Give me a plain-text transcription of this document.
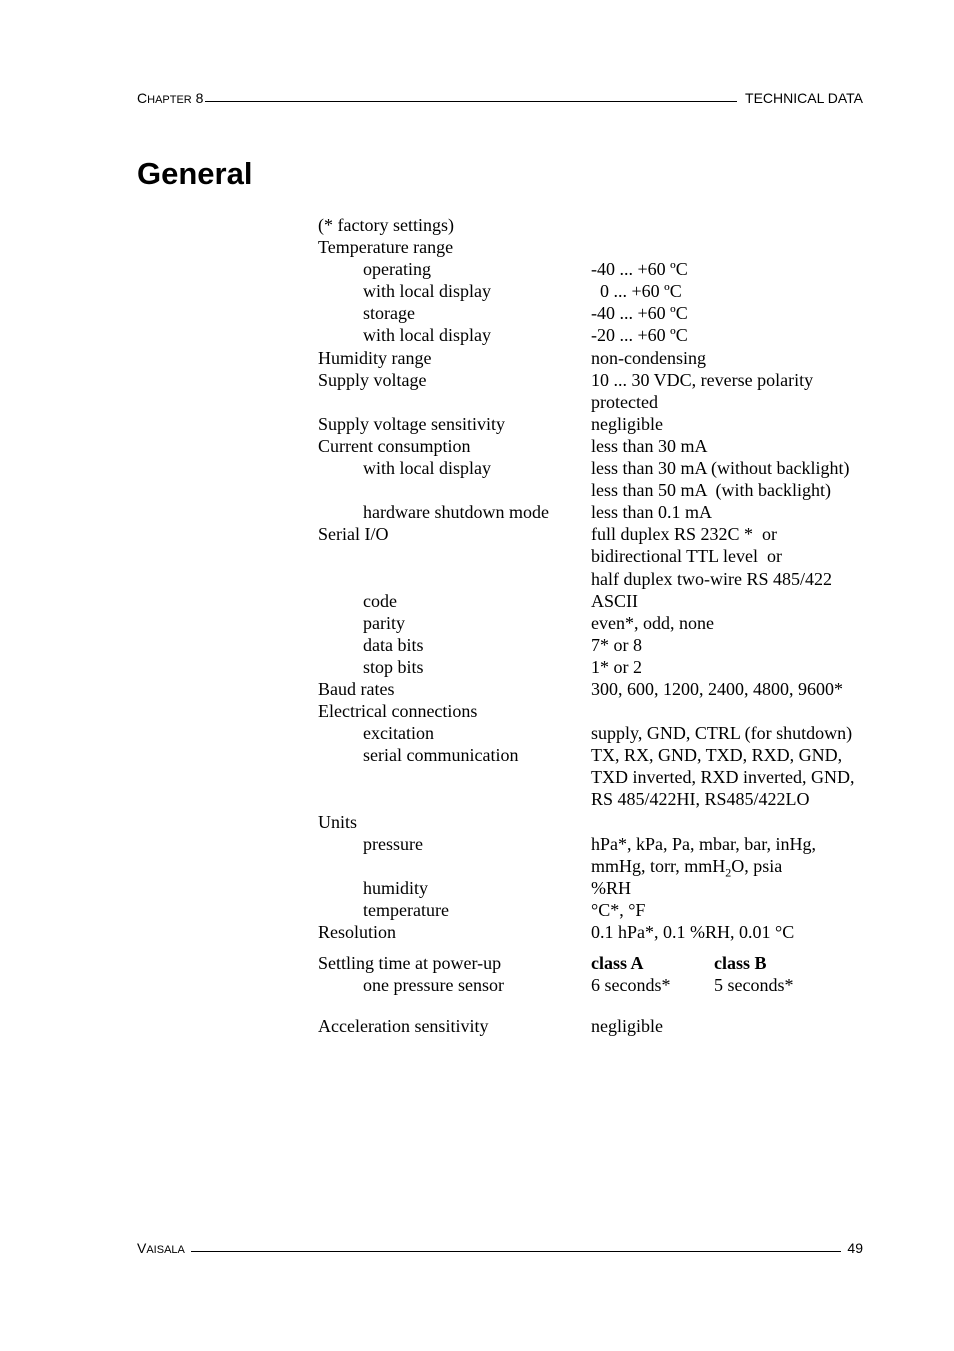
CHAPTER 8	TECHNICAL DATA
General
(* factory settings)
Temperature range
operating	-40 ... +60 ºC
with local display	0 ... +60 ºC
storage	-40 ... +60 ºC
with local display	-20 ... +60 ºC
Humidity range	non-condensing
Supply voltage	10 ... 30 VDC, reverse polarity protected
Supply voltage sensitivity	negligible
Current consumption	less than 30 mA
with local display	less than 30 mA (without backlight)
less than 50 mA  (with backlight)
hardware shutdown mode	less than 0.1 mA
Serial I/O	full duplex RS 232C *  or
bidirectional TTL level  or
half duplex two-wire RS 485/422
code	ASCII
parity	even*, odd, none
data bits	7* or 8
stop bits	1* or 2
Baud rates	300, 600, 1200, 2400, 4800, 9600*
Electrical connections
excitation	supply, GND, CTRL (for shutdown)
serial communication	TX, RX, GND, TXD, RXD, GND, TXD inverted, RXD inverted, GND, RS 485/422HI, RS485/422LO
Units
pressure	hPa*, kPa, Pa, mbar, bar, inHg, mmHg, torr, mmH$_2$O, psia
humidity	%RH
temperature	°C*, °F
Resolution	0.1 hPa*, 0.1 %RH, 0.01 °C
Settling time at power-up	class A	class B
one pressure sensor	6 seconds*	5 seconds*
Acceleration sensitivity	negligible
VAISALA	49
